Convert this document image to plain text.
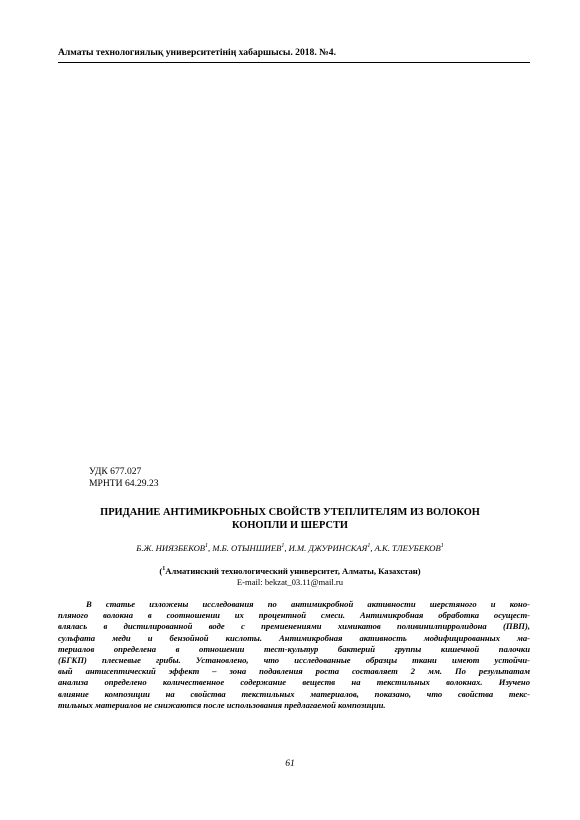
Алматы технологиялық университетінің хабаршысы. 2018. №4.
УДК 677.027
МРНТИ 64.29.23
ПРИДАНИЕ АНТИМИКРОБНЫХ СВОЙСТВ УТЕПЛИТЕЛЯМ ИЗ ВОЛОКОН
КОНОПЛИ И ШЕРСТИ
Б.Ж. НИЯЗБЕКОВ$^1$, М.Б. ОТЫНШИЕВ$^1$, И.М. ДЖУРИНСКАЯ$^1$, А.К. ТЛЕУБЕКОВ$^1$
($^1$Алматинский технологический университет, Алматы, Казахстан)
E-mail: bekzat_03.11@mail.ru
В статье изложены исследования по антимикробной активности шерстяного и коно-
пляного волокна в соотношении их процентной смеси. Антимикробная обработка осущест-
влялась в дистилированной воде с премиенениями химикатов поливинилпирролидона (ПВП),
сульфата меди и бензойной кислоты. Антимикробная активность модифицированных ма-
териалов определена в отношении тест-культур бактерий группы кишечной палочки
(БГКП) плесневые грибы. Установлено, что исследованные образцы ткани имеют устойчи-
вый антисептический эффект – зона подавления роста составляет 2 мм. По результатам
анализа определено количественное содержание веществ на текстильных волокнах. Изучено
влияние композиции на свойства текстильных материалов, показано, что свойства текс-
тильных материалов не снижаются после использования предлагаемой композиции.
61
